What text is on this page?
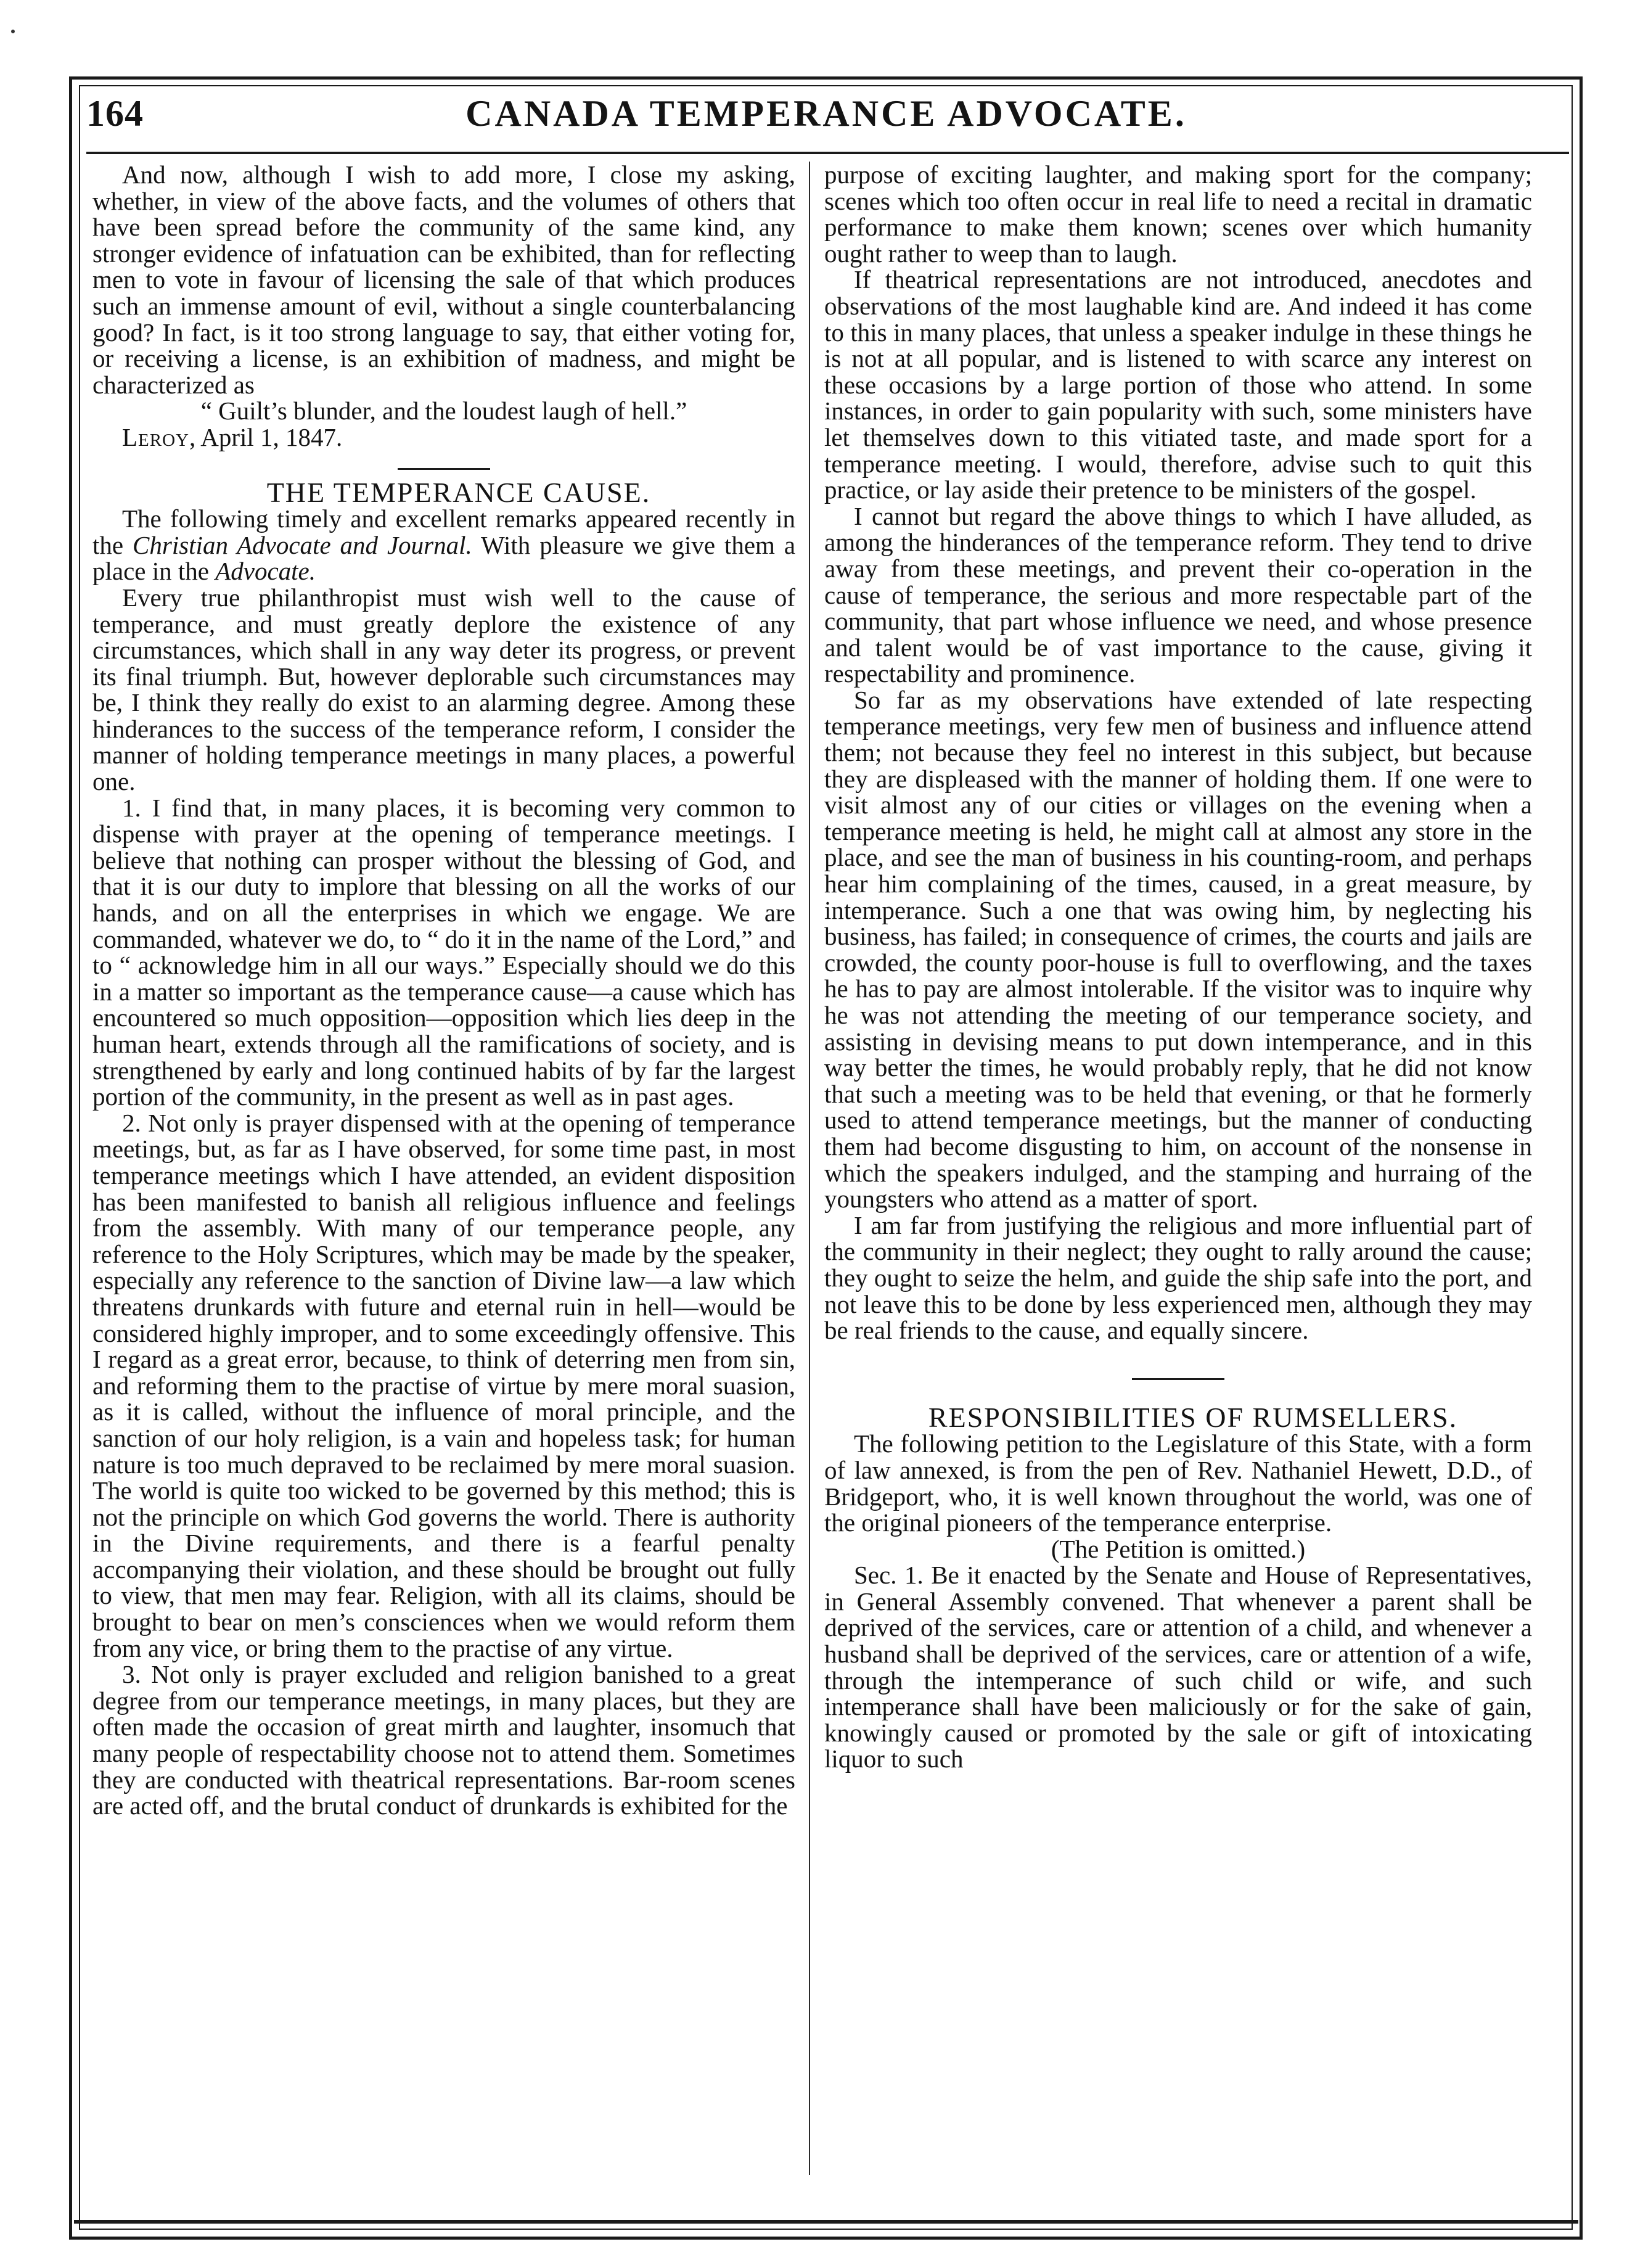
CANADA TEMPERANCE ADVOCATE.
164

And now, although I wish to add more, I close my asking, whether, in view of the above facts, and the volumes of others that have been spread before the community of the same kind, any stronger evidence of infatuation can be exhibited, than for reflecting men to vote in favour of licensing the sale of that which produces such an immense amount of evil, without a single counterbalancing good? In fact, is it too strong language to say, that either voting for, or receiving a license, is an exhibition of madness, and might be characterized as

“ Guilt’s blunder, and the loudest laugh of hell.”

Leroy, April 1, 1847.

THE TEMPERANCE CAUSE.

The following timely and excellent remarks appeared recently in the Christian Advocate and Journal. With pleasure we give them a place in the Advocate.

Every true philanthropist must wish well to the cause of temperance, and must greatly deplore the existence of any circumstances, which shall in any way deter its progress, or prevent its final triumph. But, however deplorable such circumstances may be, I think they really do exist to an alarming degree. Among these hinderances to the success of the temperance reform, I consider the manner of holding temperance meetings in many places, a powerful one.

1. I find that, in many places, it is becoming very common to dispense with prayer at the opening of temperance meetings. I believe that nothing can prosper without the blessing of God, and that it is our duty to implore that blessing on all the works of our hands, and on all the enterprises in which we engage. We are commanded, whatever we do, to “ do it in the name of the Lord,” and to “ acknowledge him in all our ways.” Especially should we do this in a matter so important as the temperance cause—a cause which has encountered so much opposition—opposition which lies deep in the human heart, extends through all the ramifications of society, and is strengthened by early and long continued habits of by far the largest portion of the community, in the present as well as in past ages.

2. Not only is prayer dispensed with at the opening of temperance meetings, but, as far as I have observed, for some time past, in most temperance meetings which I have attended, an evident disposition has been manifested to banish all religious influence and feelings from the assembly. With many of our temperance people, any reference to the Holy Scriptures, which may be made by the speaker, especially any reference to the sanction of Divine law—a law which threatens drunkards with future and eternal ruin in hell—would be considered highly improper, and to some exceedingly offensive. This I regard as a great error, because, to think of deterring men from sin, and reforming them to the practise of virtue by mere moral suasion, as it is called, without the influence of moral principle, and the sanction of our holy religion, is a vain and hopeless task; for human nature is too much depraved to be reclaimed by mere moral suasion. The world is quite too wicked to be governed by this method; this is not the principle on which God governs the world. There is authority in the Divine requirements, and there is a fearful penalty accompanying their violation, and these should be brought out fully to view, that men may fear. Religion, with all its claims, should be brought to bear on men’s consciences when we would reform them from any vice, or bring them to the practise of any virtue.

3. Not only is prayer excluded and religion banished to a great degree from our temperance meetings, in many places, but they are often made the occasion of great mirth and laughter, insomuch that many people of respectability choose not to attend them. Sometimes they are conducted with theatrical representations. Bar-room scenes are acted off, and the brutal conduct of drunkards is exhibited for the

purpose of exciting laughter, and making sport for the company; scenes which too often occur in real life to need a recital in dramatic performance to make them known; scenes over which humanity ought rather to weep than to laugh.

If theatrical representations are not introduced, anecdotes and observations of the most laughable kind are. And indeed it has come to this in many places, that unless a speaker indulge in these things he is not at all popular, and is listened to with scarce any interest on these occasions by a large portion of those who attend. In some instances, in order to gain popularity with such, some ministers have let themselves down to this vitiated taste, and made sport for a temperance meeting. I would, therefore, advise such to quit this practice, or lay aside their pretence to be ministers of the gospel.

I cannot but regard the above things to which I have alluded, as among the hinderances of the temperance reform. They tend to drive away from these meetings, and prevent their co-operation in the cause of temperance, the serious and more respectable part of the community, that part whose influence we need, and whose presence and talent would be of vast importance to the cause, giving it respectability and prominence.

So far as my observations have extended of late respecting temperance meetings, very few men of business and influence attend them; not because they feel no interest in this subject, but because they are displeased with the manner of holding them. If one were to visit almost any of our cities or villages on the evening when a temperance meeting is held, he might call at almost any store in the place, and see the man of business in his counting-room, and perhaps hear him complaining of the times, caused, in a great measure, by intemperance. Such a one that was owing him, by neglecting his business, has failed; in consequence of crimes, the courts and jails are crowded, the county poor-house is full to overflowing, and the taxes he has to pay are almost intolerable. If the visitor was to inquire why he was not attending the meeting of our temperance society, and assisting in devising means to put down intemperance, and in this way better the times, he would probably reply, that he did not know that such a meeting was to be held that evening, or that he formerly used to attend temperance meetings, but the manner of conducting them had become disgusting to him, on account of the nonsense in which the speakers indulged, and the stamping and hurraing of the youngsters who attend as a matter of sport.

I am far from justifying the religious and more influential part of the community in their neglect; they ought to rally around the cause; they ought to seize the helm, and guide the ship safe into the port, and not leave this to be done by less experienced men, although they may be real friends to the cause, and equally sincere.

RESPONSIBILITIES OF RUMSELLERS.

The following petition to the Legislature of this State, with a form of law annexed, is from the pen of Rev. Nathaniel Hewett, D.D., of Bridgeport, who, it is well known throughout the world, was one of the original pioneers of the temperance enterprise.

(The Petition is omitted.)

Sec. 1. Be it enacted by the Senate and House of Representatives, in General Assembly convened. That whenever a parent shall be deprived of the services, care or attention of a child, and whenever a husband shall be deprived of the services, care or attention of a wife, through the intemperance of such child or wife, and such intemperance shall have been maliciously or for the sake of gain, knowingly caused or promoted by the sale or gift of intoxicating liquor to such
